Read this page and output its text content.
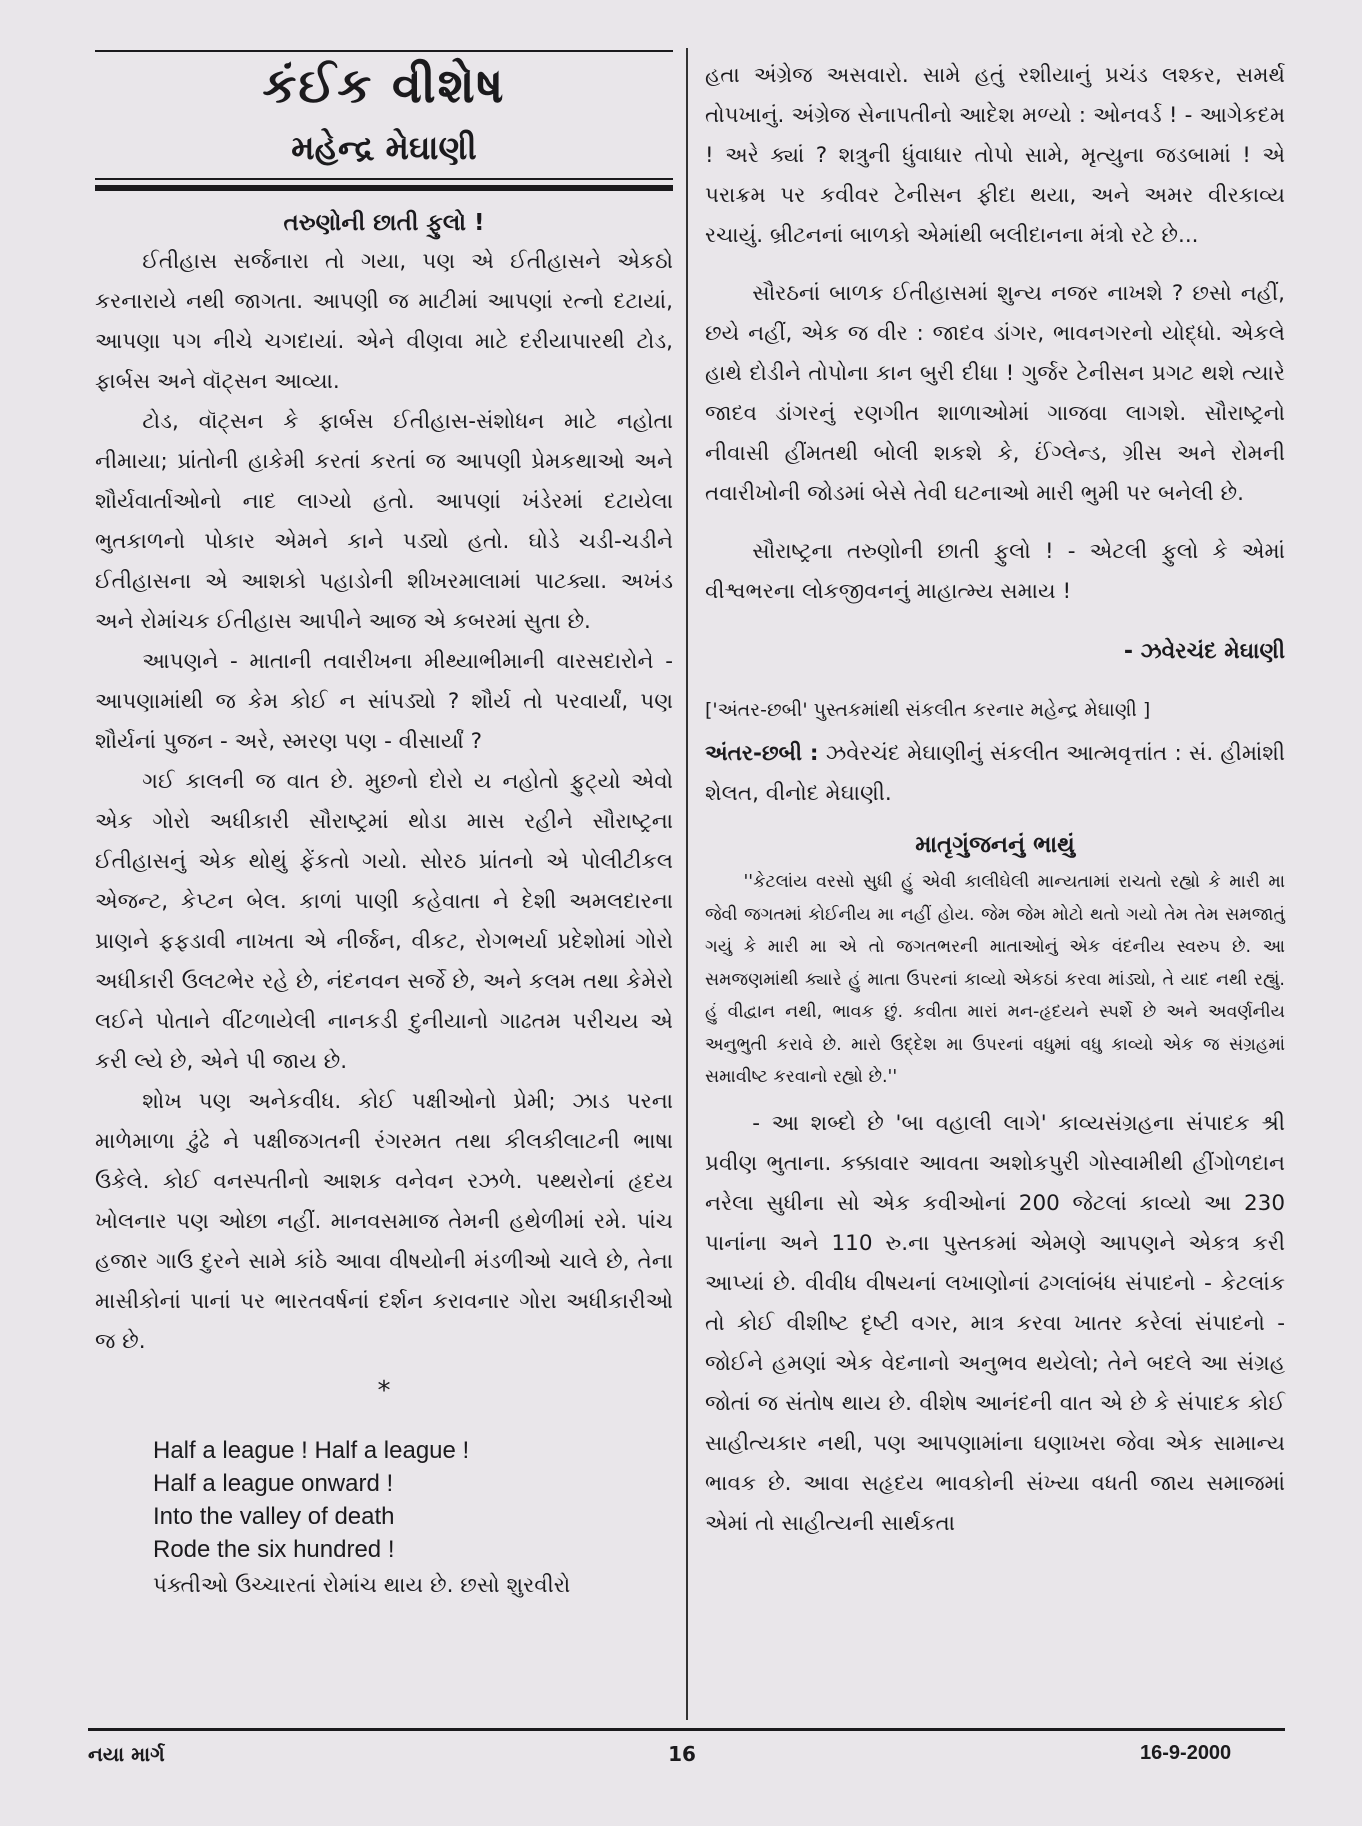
કંઈક વીશેષ
મહેન્દ્ર મેઘાણી
તરુણોની છાતી ફુલો !

ઈતીહાસ સર્જનારા તો ગયા, પણ એ ઈતીહાસને એકઠો કરનારાયે નથી જાગતા. આપણી જ માટીમાં આપણાં રત્નો દટાયાં, આપણા પગ નીચે ચગદાયાં. એને વીણવા માટે દરીયાપારથી ટોડ, ફાર્બસ અને વૉટ્સન આવ્યા.

ટોડ, વૉટ્સન કે ફાર્બસ ઈતીહાસ-સંશોધન માટે નહોતા નીમાયા; પ્રાંતોની હાકેમી કરતાં કરતાં જ આપણી પ્રેમકથાઓ અને શૌર્યવાર્તાઓનો નાદ લાગ્યો હતો. આપણાં ખંડેરમાં દટાયેલા ભુતકાળનો પોકાર એમને કાને પડ્યો હતો. ઘોડે ચડી-ચડીને ઈતીહાસના એ આશકો પહાડોની શીખરમાલામાં પાટક્યા. અખંડ અને રોમાંચક ઈતીહાસ આપીને આજ એ કબરમાં સુતા છે.

આપણને - માતાની તવારીખના મીથ્યાભીમાની વારસદારોને - આપણામાંથી જ કેમ કોઈ ન સાંપડ્યો ? શૌર્ય તો પરવાર્યાં, પણ શૌર્યનાં પુજન - અરે, સ્મરણ પણ - વીસાર્યાં ?

ગઈ કાલની જ વાત છે. મુછનો દોરો ય નહોતો ફુટ્યો એવો એક ગોરો અધીકારી સૌરાષ્ટ્રમાં થોડા માસ રહીને સૌરાષ્ટ્રના ઈતીહાસનું એક થોથું ફેંકતો ગયો. સોરઠ પ્રાંતનો એ પોલીટીકલ એજન્ટ, કેપ્ટન બેલ. કાળાં પાણી કહેવાતા ને દેશી અમલદારના પ્રાણને ફફડાવી નાખતા એ નીર્જન, વીકટ, રોગભર્યા પ્રદેશોમાં ગોરો અધીકારી ઉલટભેર રહે છે, નંદનવન સર્જે છે, અને કલમ તથા કેમેરો લઈને પોતાને વીંટળાયેલી નાનકડી દુનીયાનો ગાઢતમ પરીચય એ કરી લ્યે છે, એને પી જાય છે.

શોખ પણ અનેકવીધ. કોઈ પક્ષીઓનો પ્રેમી; ઝાડ પરના માળેમાળા ઢુંઢે ને પક્ષીજગતની રંગરમત તથા કીલકીલાટની ભાષા ઉકેલે. કોઈ વનસ્પતીનો આશક વનેવન રઝળે. પથ્થરોનાં હૃદય ખોલનાર પણ ઓછા નહીં. માનવસમાજ તેમની હથેળીમાં રમે. પાંચ હજાર ગાઉ દુરને સામે કાંઠે આવા વીષયોની મંડળીઓ ચાલે છે, તેના માસીકોનાં પાનાં પર ભારતવર્ષનાં દર્શન કરાવનાર ગોરા અધીકારીઓ જ છે.

*
Half a league ! Half a league !
Half a league onward !
Into the valley of death
Rode the six hundred !

પંક્તીઓ ઉચ્ચારતાં રોમાંચ થાય છે. છસો શુરવીરો

હતા અંગ્રેજ અસવારો. સામે હતું રશીયાનું પ્રચંડ લશ્કર, સમર્થ તોપખાનું. અંગ્રેજ સેનાપતીનો આદેશ મળ્યો : ઓનવર્ડ ! - આગેકદમ ! અરે ક્યાં ? શત્રુની ધુંવાધાર તોપો સામે, મૃત્યુના જડબામાં ! એ પરાક્રમ પર કવીવર ટેનીસન ફીદા થયા, અને અમર વીરકાવ્ય રચાયું. બ્રીટનનાં બાળકો એમાંથી બલીદાનના મંત્રો રટે છે...

સૌરઠનાં બાળક ઈતીહાસમાં શુન્ય નજર નાખશે ? છસો નહીં, છયે નહીં, એક જ વીર : જાદવ ડાંગર, ભાવનગરનો યોદ્ધો. એકલે હાથે દોડીને તોપોના કાન બુરી દીધા ! ગુર્જર ટેનીસન પ્રગટ થશે ત્યારે જાદવ ડાંગરનું રણગીત શાળાઓમાં ગાજવા લાગશે. સૌરાષ્ટ્રનો નીવાસી હીંમતથી બોલી શકશે કે, ઈંગ્લેન્ડ, ગ્રીસ અને રોમની તવારીખોની જોડમાં બેસે તેવી ઘટનાઓ મારી ભુમી પર બનેલી છે.

સૌરાષ્ટ્રના તરુણોની છાતી ફુલો ! - એટલી ફુલો કે એમાં વીશ્વભરના લોકજીવનનું માહાત્મ્ય સમાય !

- ઝવેરચંદ મેઘાણી

['અંતર-છબી' પુસ્તકમાંથી સંકલીત કરનાર મહેન્દ્ર મેઘાણી ]

અંતર-છબી : ઝવેરચંદ મેઘાણીનું સંકલીત આત્મવૃત્તાંત : સં. હીમાંશી શેલત, વીનોદ મેઘાણી.

માતૃગુંજનનું ભાથું

''કેટલાંય વરસો સુધી હું એવી કાલીઘેલી માન્યતામાં રાચતો રહ્યો કે મારી મા જેવી જગતમાં કોઈનીય મા નહીં હોય. જેમ જેમ મોટો થતો ગયો તેમ તેમ સમજાતું ગયું કે મારી મા એ તો જગતભરની માતાઓનું એક વંદનીય સ્વરુપ છે. આ સમજણમાંથી ક્યારે હું માતા ઉપરનાં કાવ્યો એકઠાં કરવા માંડ્યો, તે યાદ નથી રહ્યું. હું વીદ્વાન નથી, ભાવક છું. કવીતા મારાં મન-હૃદયને સ્પર્શે છે અને અવર્ણનીય અનુભુતી કરાવે છે. મારો ઉદ્દેશ મા ઉપરનાં વધુમાં વધુ કાવ્યો એક જ સંગ્રહમાં સમાવીષ્ટ કરવાનો રહ્યો છે.''

- આ શબ્દો છે 'બા વહાલી લાગે' કાવ્યસંગ્રહના સંપાદક શ્રી પ્રવીણ ભુતાના. કક્કાવાર આવતા અશોકપુરી ગોસ્વામીથી હીંગોળદાન નરેલા સુધીના સો એક કવીઓનાં 200 જેટલાં કાવ્યો આ 230 પાનાંના અને 110 રુ.ના પુસ્તકમાં એમણે આપણને એકત્ર કરી આપ્યાં છે. વીવીધ વીષયનાં લખાણોનાં ઢગલાંબંધ સંપાદનો - કેટલાંક તો કોઈ વીશીષ્ટ દૃષ્ટી વગર, માત્ર કરવા ખાતર કરેલાં સંપાદનો - જોઈને હમણાં એક વેદનાનો અનુભવ થયેલો; તેને બદલે આ સંગ્રહ જોતાં જ સંતોષ થાય છે. વીશેષ આનંદની વાત એ છે કે સંપાદક કોઈ સાહીત્યકાર નથી, પણ આપણામાંના ઘણાખરા જેવા એક સામાન્ય ભાવક છે. આવા સહૃદય ભાવકોની સંખ્યા વધતી જાય સમાજમાં એમાં તો સાહીત્યની સાર્થકતા

નયા માર્ગ	16	16-9-2000
